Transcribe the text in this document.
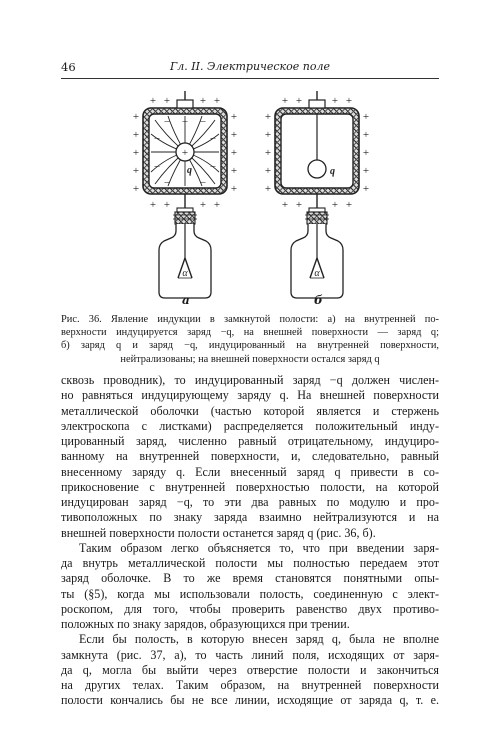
46	Гл. II. Электрическое поле
+
q
– – –
–	–
–	–
–	–
+ +	+ +
+
+
+
+
+
+
+
+
+
+
+ +	+ +
α
q
+ +	+ +
+
+
+
+
+
+
+
+
+
+
+ +	+ +
α
а	б
Рис. 36. Явление индукции в замкнутой полости: а) на внутренней по-
верхности индуцируется заряд −q, на внешней поверхности — заряд q;
б) заряд q и заряд −q, индуцированный на внутренней поверхности,
нейтрализованы; на внешней поверхности остался заряд q
сквозь проводник), то индуцированный заряд −q должен числен-
но равняться индуцирующему заряду q. На внешней поверхности
металлической оболочки (частью которой является и стержень
электроскопа с листками) распределяется положительный инду-
цированный заряд, численно равный отрицательному, индуциро-
ванному на внутренней поверхности, и, следовательно, равный
внесенному заряду q. Если внесенный заряд q привести в со-
прикосновение с внутренней поверхностью полости, на которой
индуцирован заряд −q, то эти два равных по модулю и про-
тивоположных по знаку заряда взаимно нейтрализуются и на
внешней поверхности полости останется заряд q (рис. 36, б).
Таким образом легко объясняется то, что при введении заря-
да внутрь металлической полости мы полностью передаем этот
заряд оболочке. В то же время становятся понятными опы-
ты (§5), когда мы использовали полость, соединенную с элект-
роскопом, для того, чтобы проверить равенство двух противо-
положных по знаку зарядов, образующихся при трении.
Если бы полость, в которую внесен заряд q, была не вполне
замкнута (рис. 37, а), то часть линий поля, исходящих от заря-
да q, могла бы выйти через отверстие полости и закончиться
на других телах. Таким образом, на внутренней поверхности
полости кончались бы не все линии, исходящие от заряда q, т. е.
